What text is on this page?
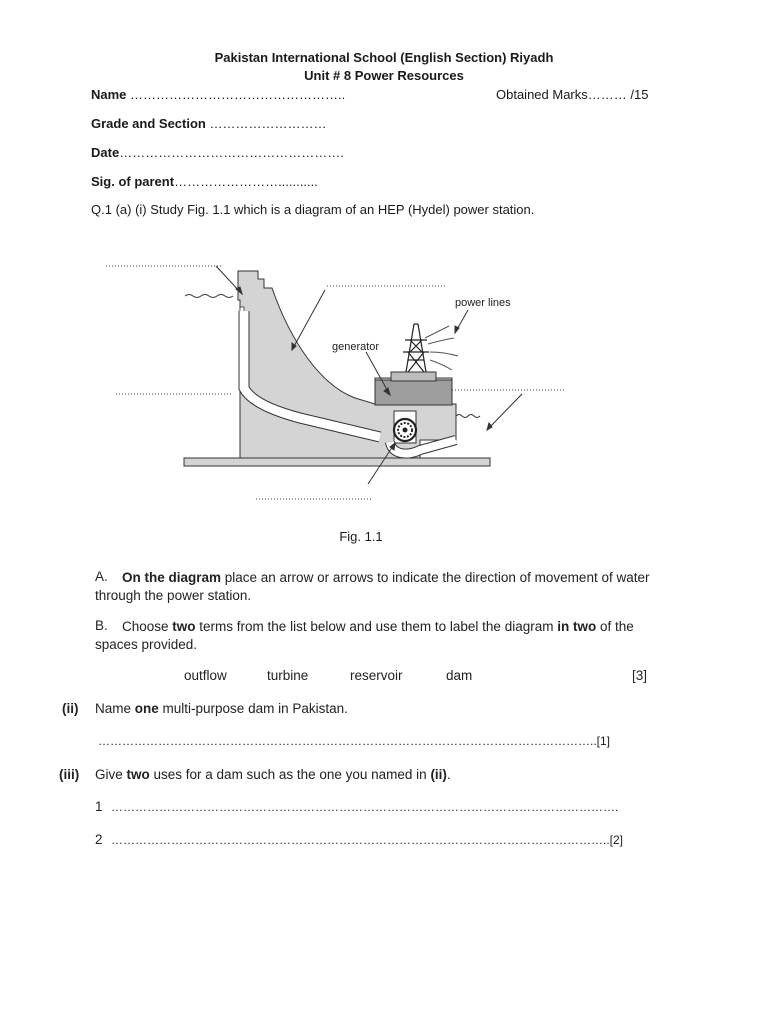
Pakistan International School (English Section) Riyadh
Unit # 8 Power Resources
Name …………………………………………..	Obtained Marks……… /15
Grade and Section ………………………
Date…………………………………………….
Sig. of parent……………………...........
Q.1 (a) (i) Study Fig. 1.1 which is a diagram of an HEP (Hydel) power station.
power lines
generator
Fig. 1.1
A.	On the diagram place an arrow or arrows to indicate the direction of movement of water through the power station.
B.	Choose two terms from the list below and use them to label the diagram in two of the spaces provided.
outflow	turbine	reservoir	dam	[3]
(ii) Name one multi-purpose dam in Pakistan.
……………………………………………………………………………………………………………..[1]
(iii) Give two uses for a dam such as the one you named in (ii).
1 ……………………………………………………………………………………………………………….
2 ……………………………………………………………………………………………………………..[2]
